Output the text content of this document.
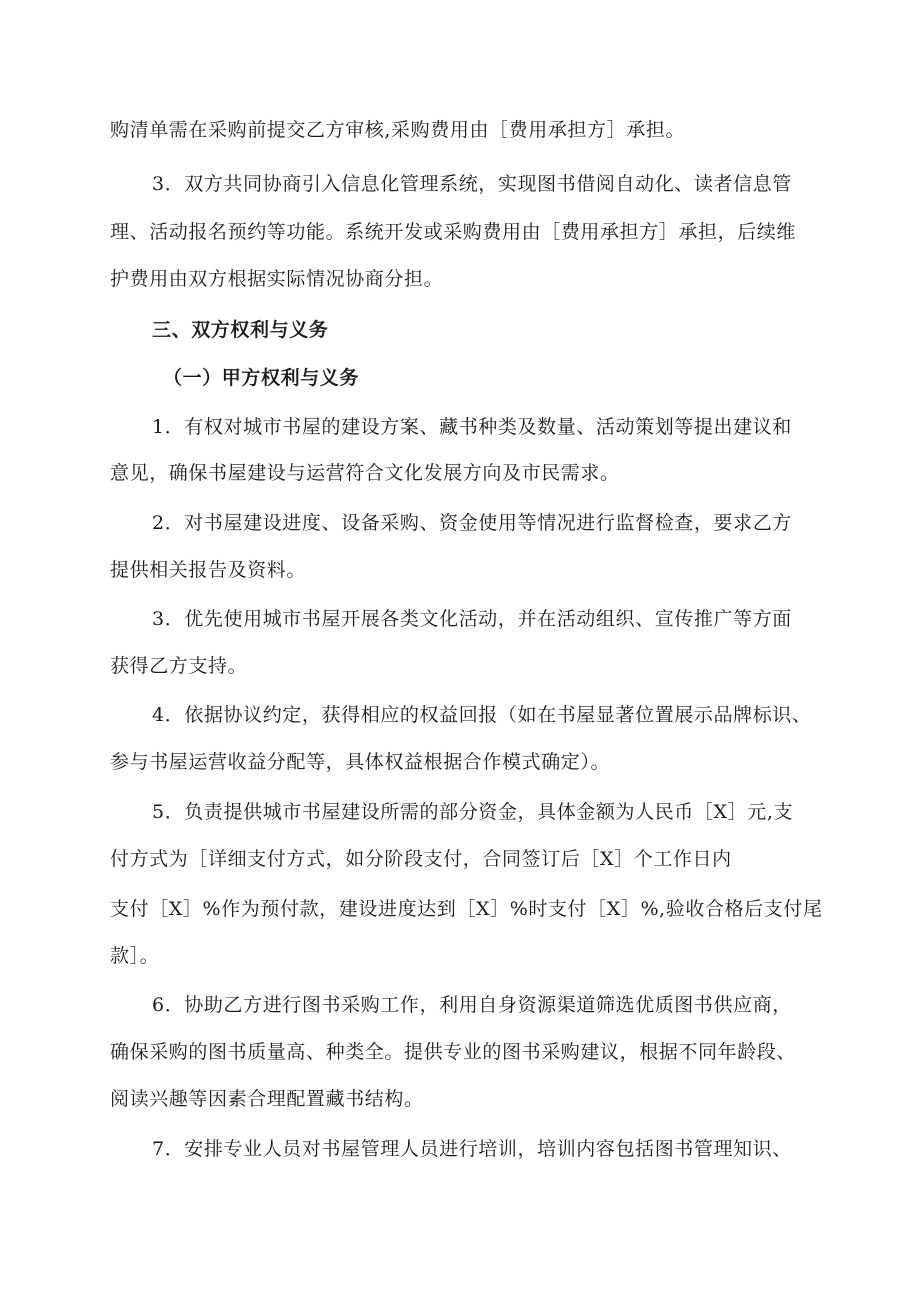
购清单需在采购前提交乙方审核,采购费用由［费用承担方］承担。

3．双方共同协商引入信息化管理系统，实现图书借阅自动化、读者信息管

理、活动报名预约等功能。系统开发或采购费用由［费用承担方］承担，后续维

护费用由双方根据实际情况协商分担。

三、双方权利与义务

（一）甲方权利与义务

1．有权对城市书屋的建设方案、藏书种类及数量、活动策划等提出建议和

意见，确保书屋建设与运营符合文化发展方向及市民需求。

2．对书屋建设进度、设备采购、资金使用等情况进行监督检查，要求乙方

提供相关报告及资料。

3．优先使用城市书屋开展各类文化活动，并在活动组织、宣传推广等方面

获得乙方支持。

4．依据协议约定，获得相应的权益回报（如在书屋显著位置展示品牌标识、

参与书屋运营收益分配等，具体权益根据合作模式确定）。

5．负责提供城市书屋建设所需的部分资金，具体金额为人民币［X］元,支

付方式为［详细支付方式，如分阶段支付，合同签订后［X］个工作日内

支付［X］%作为预付款，建设进度达到［X］%时支付［X］%,验收合格后支付尾

款］。

6．协助乙方进行图书采购工作，利用自身资源渠道筛选优质图书供应商，

确保采购的图书质量高、种类全。提供专业的图书采购建议，根据不同年龄段、

阅读兴趣等因素合理配置藏书结构。

7．安排专业人员对书屋管理人员进行培训，培训内容包括图书管理知识、
